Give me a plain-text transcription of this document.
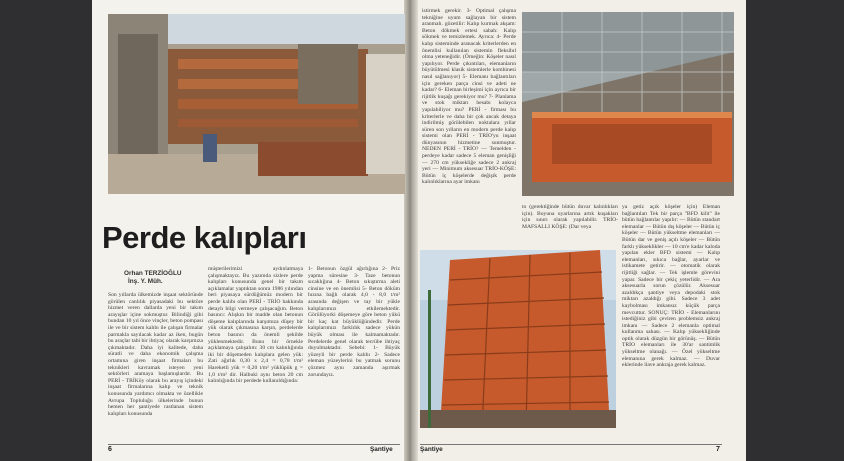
Perde kalıpları
Orhan TERZİOĞLU
İnş. Y. Müh.
Son yıllarda ülkemizde inşaat sektöründe görülen canlılık piyasadaki bu sektöre hizmet veren dallarda yeni bir takım arayışlar içine sokmuştur. Bilindiği gibi bundan 10 yıl önce vinçler, beton pompası ile ve bir sistem kalıbı ile çalışan firmalar parmakla sayılacak kadar az iken, bugün bu araçlar tabi bir ihtiyaç olarak karşımıza çıkmaktadır. Daha iyi kalitede, daha süratli ve daha ekonomik çalışma ortamına giren inşaat firmaları bu teknikleri kavramak isteyen yeni sektörleri aramaya başlamışlardır. Bu PERİ - TRİKöy olarak bu arayış içindeki inşaat firmalarına kalıp ve teknik konusunda yardımcı olmakta ve özellikle Avrupa Topluluğu ülkelerinde bunun hemen her şantiyede rastlanan sistem kalıpları konusunda
müşterilerimizi aydınlatmaya çalışmaktayız. Bu yazımda sizlere perde kalıpları konusunda genel bir takım açıklamalar yaptıktan sonra 1986 yılından beri piyasaya sürdüğümüz modern bir perde kalıbı olan PERİ - TRİO hakkında detaylı bilgi vermeye çalışacağım. Beton basıncı: Alışkın bir madde olan betonun döşeme kalıplarında karşımıza düşey bir yük olarak çıkmasına karşın, perdelerde beton basıncı da önemli şekilde yüklenmektedir. Bunu bir örnekle açıklamaya çalışalım: 30 cm kalınlığında iki bir döşemeden kalıplara gelen yük: Zati ağırlık 0,30 x 2,4 = 0,78 t/m² Hareketli yük = 0,20 t/m² yüklüpük g = 1,0 t/m² dir. Halbuki aynı beton 20 cm kalınlığında bir perdede kullanıldığında:
1- Betonun özgül ağırlığına 2- Priz yapma süresine 3- Taze betonun sıcaklığına 4- Beton sıkıştırma aleti cinsine ve en önemlisi 5- Beton döküm hızına bağlı olarak 4,0 - 8,0 t/m² arasında değişen ve tay bir yükle kalıplarımızı etkilemektedir. Görülüyorki döşemeye göre beton yükü bir kaç kat büyüklüğündedir. Perde kalıplarımızı farklılık sadece yükün büyük olması ile kalmamaktadır. Perdelerde genel olarak tecrübe ihtiyaç duyulmaktadır. Sebebi: 1- Büyük yüzeyli bir perde kalıbı 2- Sadece eleman yüzeylerini bu yatmak sorunu çözmez aynı zamanda aşırmak zorundayız.
6	Şantiye
istirmek gerekir. 3- Optimal çalışma tekniğine uyum sağlayan bir sistem aranmalı. gözetilir: Kalıp kurmak akşam: Beton dökmek ertesi sabah: Kalıp sökmek ve temizlemek. Ayrıca: 4- Perde kalıp sisteminde aranacak kriterlerden en önemlisi kullanılan sistemin fleksibıl olma yeteneğidir. (Örneğin: Köşeler nasıl yapılıyor. Perde çıkıntıları, elemanların büyütülmesi klasik sistemlerle kombinesi nasıl sağlanıyor) 5- Elemanı bağlantıları için gereken parça cinsi ve adeti ne kadar? 6- Eleman birleşimi için ayrıca bir rijitlik kuşağı gerekiyor mu? 7- Planlama ve stok miktarı hesabı kolayca yapılabiliyor mu? PERİ - firması bu kriterlerle ve daha bir çok ancak detaya indirilmiş görülebilen noktalara yıllar süren son yılların en modern perde kalıp sistemi olan PERİ - TRİO'yu inşaat dünyasının hizmetine sunmuştur. NEDEN PERİ - TRİO? — Temelden - perdeye kadar sadece 5 eleman genişliği — 270 cm yüksekliğe sadece 2 ankraj yeri — Minimum aksesuar TRİO-KÖŞE: Bütün iç köşelerde değişik perde kalınlıklarına ayar imkanı
to (gerektiğinde bütün duvar kalınlıkları için). Boyuna uyarlarına artık kuşakları için sınırı olarak yapılabilir. TRİO-MAFSALLI KÖŞE: (Dar veya
ya getiz açık köşeler için) Eleman bağlantıları Tek bir parça "BFD kilit" ile bütün bağlantılar yapılır: — Bütün standart elemanlar — Bütün dış köşeler — Bütün iç köşeler — Bütün yükseltme elemanları — Bütün dar ve geniş açılı köşeler — Bütün farklı yükseklikler — 10 cm'e kadar kaloda yapılan ekler BFD sistemi — Kalıp elemanları, sıkıca bağlar, ayarlar ve istikamete getirir. — otomatik olarak rijitliği sağlar. — Tek işlemle görevini yapar. Sadece bir çekiç yeterlidir. — Ara aksesuarla sorun çözülür. Aksesuar azaldıkça şantiye veya depodaki stok miktarı azaldığı gibi. Sadece 3 adet kaybolması imkansız küçük parça mevcuttur. SONUÇ: TRİO - Elemanlarını istediğiniz gibi çeviren problemsiz ankraj imkanı — Sadece 2 elemanla optimal kullanma sahası. — Kalıp yüksekliğinde optik olarak düzgün bir görünüş. — Bütün TRİO elemanları ile 30'ar santimlik yükseltme olanağı. — Özel yükseltme elemanına gerek kalmaz. — Duvar eklerinde ilave ankraja gerek kalmaz.
Şantiye	7
